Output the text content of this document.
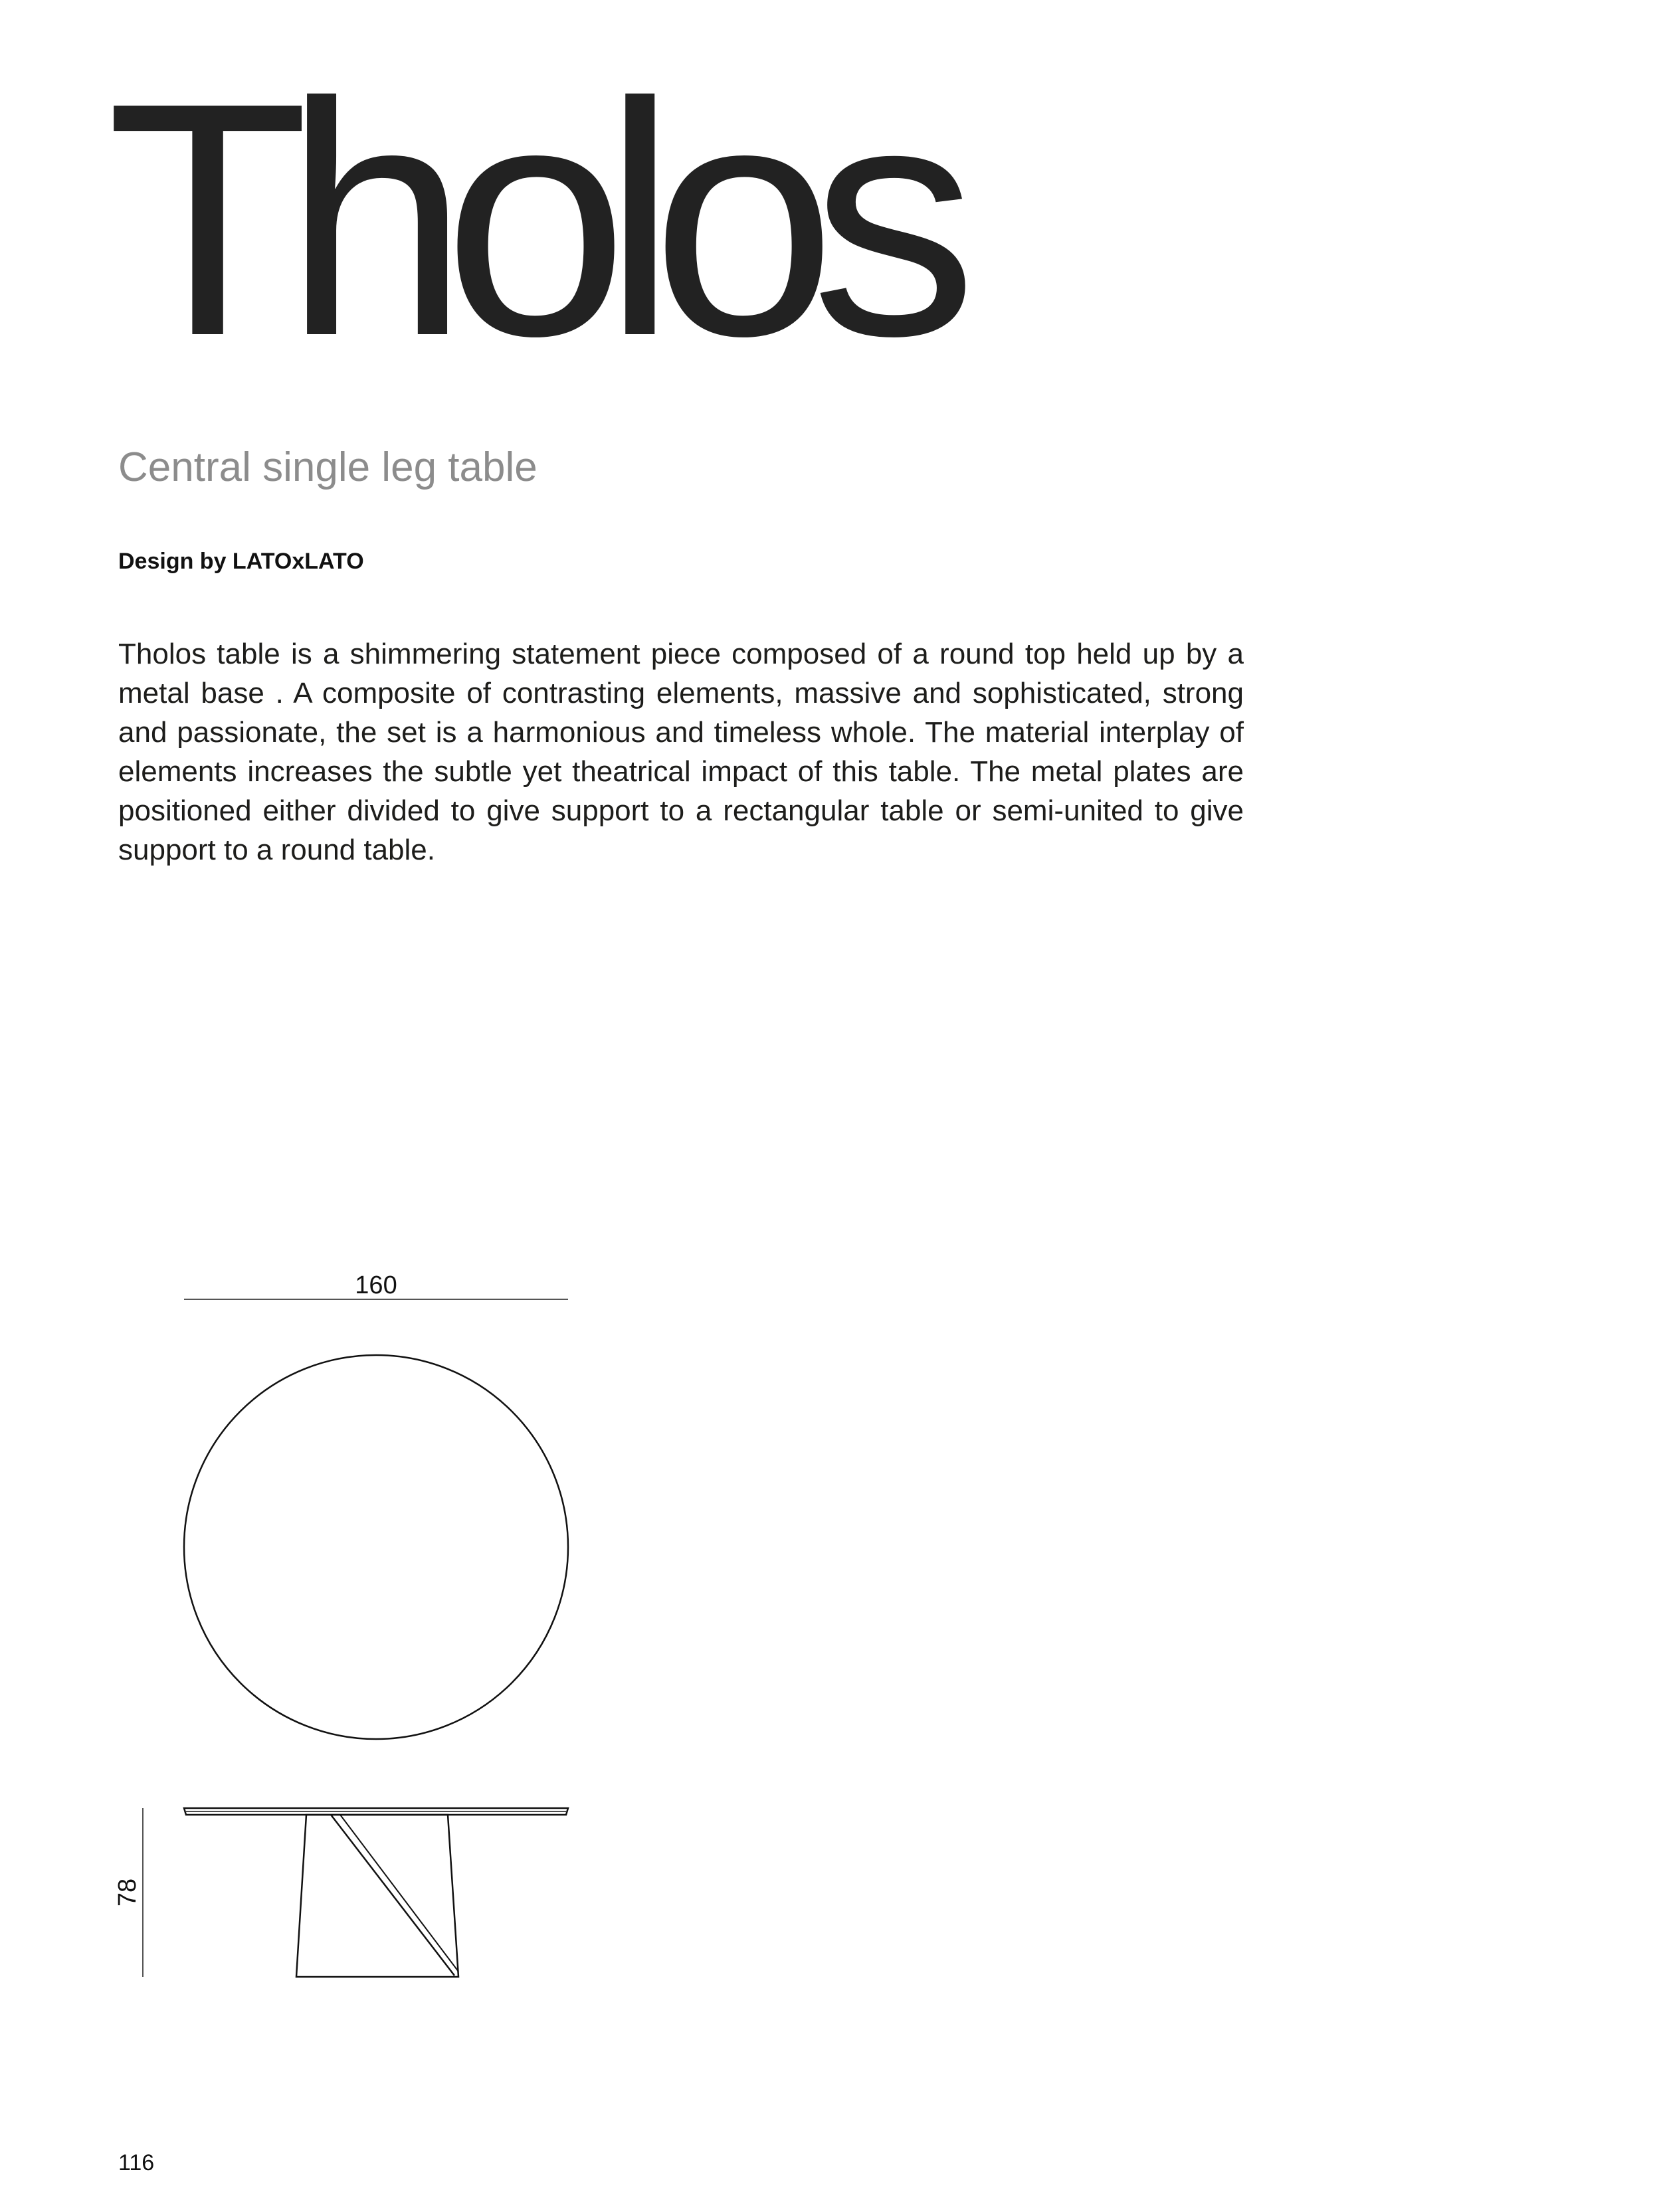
Tholos
Central single leg table
Design by LATOxLATO
Tholos table is a shimmering statement piece composed of a round top held up by a metal base . A composite of contrasting elements, massive and sophisticated, strong and passionate, the set is a harmonious and timeless whole. The material interplay of elements increases the subtle yet theatrical impact of this table. The metal plates are positioned either divided to give support to a rectangular table or semi-united to give support to a round table.
160
78
116
